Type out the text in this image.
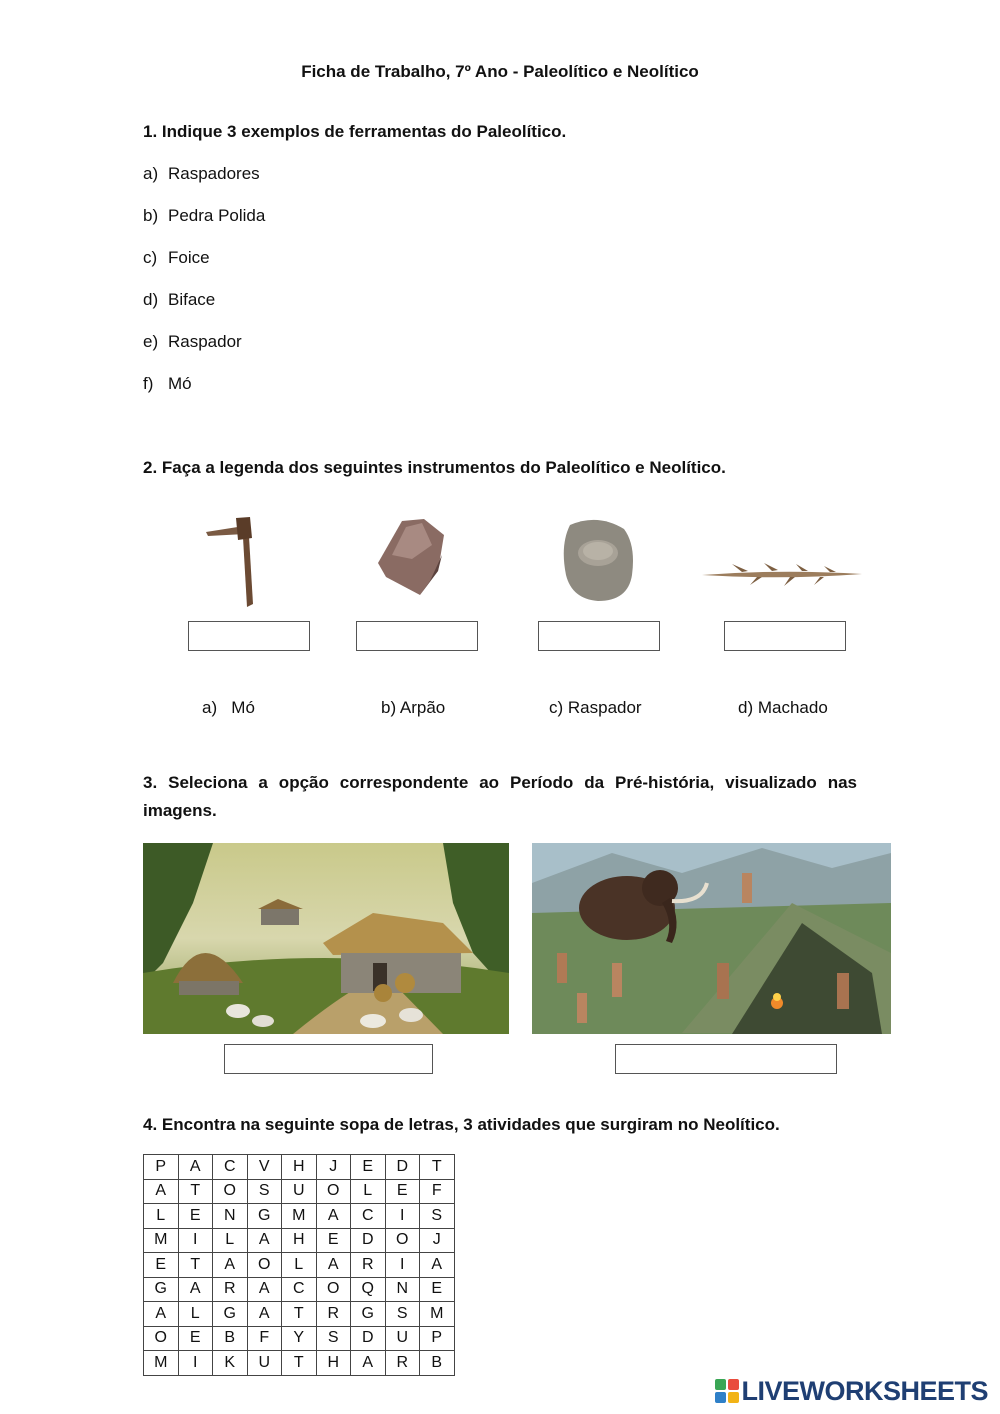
Ficha de Trabalho, 7º Ano - Paleolítico e Neolítico
1. Indique 3 exemplos de ferramentas do Paleolítico.
a) Raspadores
b) Pedra Polida
c) Foice
d) Biface
e) Raspador
f) Mó
2. Faça a legenda dos seguintes instrumentos do Paleolítico e Neolítico.
a)   Mó	b) Arpão	c) Raspador	d) Machado
3. Seleciona a opção correspondente ao Período da Pré-história, visualizado nas imagens.
4. Encontra na seguinte sopa de letras, 3 atividades que surgiram no Neolítico.
P	A	C	V	H	J	E	D	T
A	T	O	S	U	O	L	E	F
L	E	N	G	M	A	C	I	S
M	I	L	A	H	E	D	O	J
E	T	A	O	L	A	R	I	A
G	A	R	A	C	O	Q	N	E
A	L	G	A	T	R	G	S	M
O	E	B	F	Y	S	D	U	P
M	I	K	U	T	H	A	R	B
LIVEWORKSHEETS
